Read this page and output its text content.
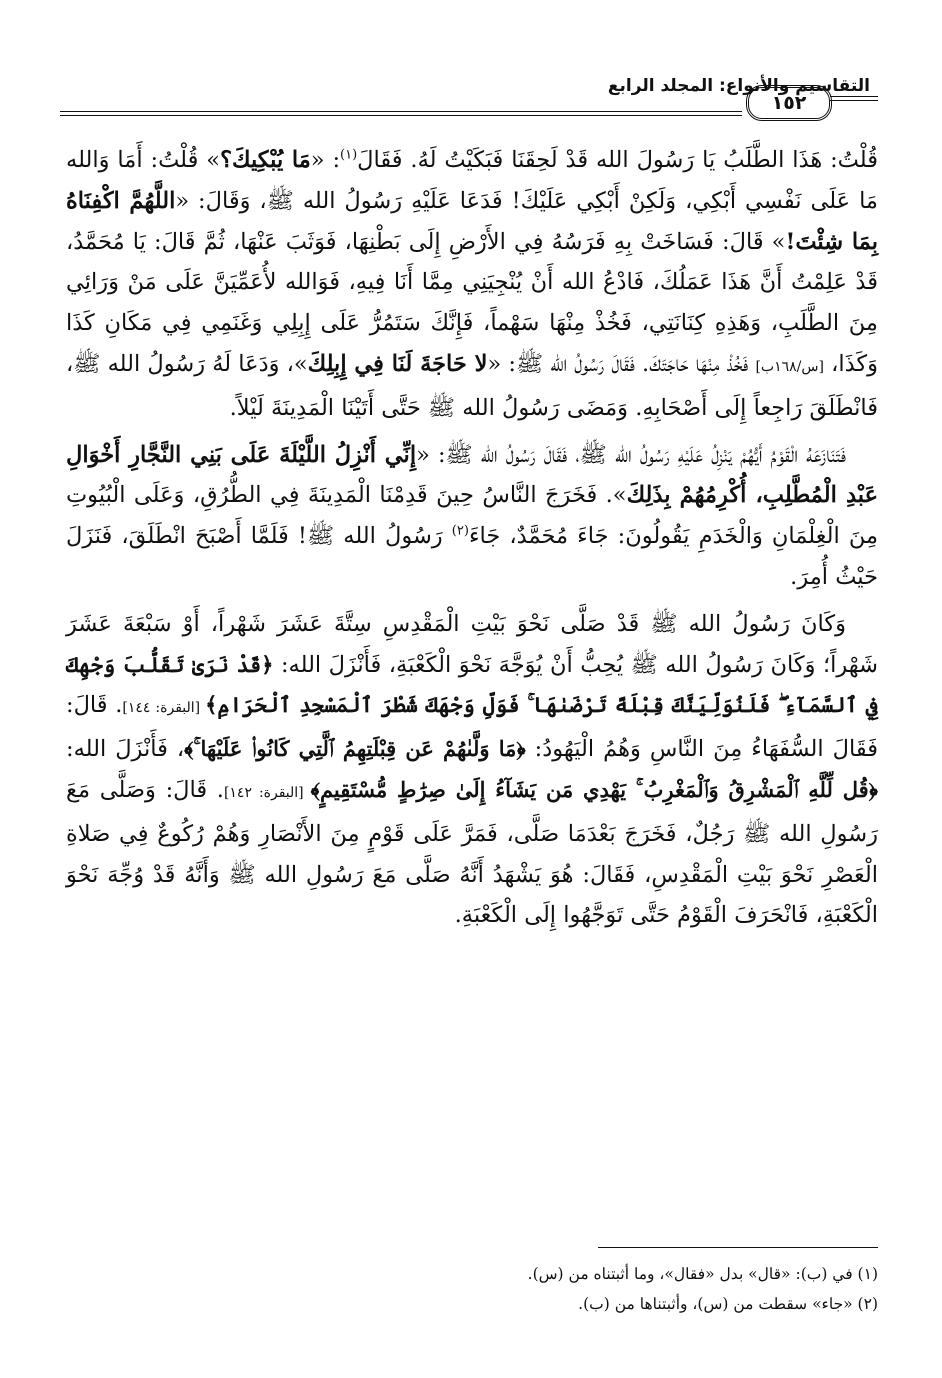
التقاسيم والأنواع: المجلد الرابع
١٥٢

قُلْتُ: هَذَا الطَّلَبُ يَا رَسُولَ الله قَدْ لَحِقَنَا فَبَكَيْتُ لَهُ. فَقَالَ$^{(١)}$: «مَا يُبْكِيكَ؟» قُلْتُ: أَمَا وَالله مَا عَلَى نَفْسِي أَبْكِي، وَلَكِنْ أَبْكِي عَلَيْكَ! فَدَعَا عَلَيْهِ رَسُولُ الله ﷺ، وَقَالَ: «اللَّهُمَّ اكْفِنَاهُ بِمَا شِئْتَ!» قَالَ: فَسَاخَتْ بِهِ فَرَسُهُ فِي الأَرْضِ إِلَى بَطْنِهَا، فَوَثَبَ عَنْهَا، ثُمَّ قَالَ: يَا مُحَمَّدُ، قَدْ عَلِمْتُ أَنَّ هَذَا عَمَلُكَ، فَادْعُ الله أَنْ يُنْجِيَنِي مِمَّا أَنَا فِيهِ، فَوَالله لأُعَمِّيَنَّ عَلَى مَنْ وَرَائِي مِنَ الطَّلَبِ، وَهَذِهِ كِنَانَتِي، فَخُذْ مِنْهَا سَهْماً، فَإِنَّكَ سَتَمُرُّ عَلَى إِبِلِي وَغَنَمِي فِي مَكَانِ كَذَا وَكَذَا، [س/١٦٨ب] فَخُذْ مِنْهَا حَاجَتَكَ. فَقَالَ رَسُولُ الله ﷺ: «لا حَاجَةَ لَنَا فِي إِبِلِكَ»، وَدَعَا لَهُ رَسُولُ الله ﷺ، فَانْطَلَقَ رَاجِعاً إِلَى أَصْحَابِهِ. وَمَضَى رَسُولُ الله ﷺ حَتَّى أَتَيْنَا الْمَدِينَةَ لَيْلاً.

فَتَنَازَعَهُ الْقَوْمُ أَيُّهُمْ يَنْزِلُ عَلَيْهِ رَسُولُ الله ﷺ، فَقَالَ رَسُولُ الله ﷺ: «إِنِّي أَنْزِلُ اللَّيْلَةَ عَلَى بَنِي النَّجَّارِ أَخْوَالِ عَبْدِ الْمُطَّلِبِ، أُكْرِمُهُمْ بِذَلِكَ». فَخَرَجَ النَّاسُ حِينَ قَدِمْنَا الْمَدِينَةَ فِي الطُّرُقِ، وَعَلَى الْبُيُوتِ مِنَ الْغِلْمَانِ وَالْخَدَمِ يَقُولُونَ: جَاءَ مُحَمَّدٌ، جَاءَ$^{(٢)}$ رَسُولُ الله ﷺ! فَلَمَّا أَصْبَحَ انْطَلَقَ، فَنَزَلَ حَيْثُ أُمِرَ.

وَكَانَ رَسُولُ الله ﷺ قَدْ صَلَّى نَحْوَ بَيْتِ الْمَقْدِسِ سِتَّةَ عَشَرَ شَهْراً، أَوْ سَبْعَةَ عَشَرَ شَهْراً؛ وَكَانَ رَسُولُ الله ﷺ يُحِبُّ أَنْ يُوَجَّهَ نَحْوَ الْكَعْبَةِ، فَأَنْزَلَ الله: ﴿قَدْ نَرَىٰ تَقَلُّبَ وَجْهِكَ فِي ٱلسَّمَآءِ ۖ فَلَنُوَلِّيَنَّكَ قِبْلَةً تَرْضَىٰهَا ۚ فَوَلِّ وَجْهَكَ شَطْرَ ٱلْمَسْجِدِ ٱلْحَرَامِ﴾ [البقرة: ١٤٤]. قَالَ: فَقَالَ السُّفَهَاءُ مِنَ النَّاسِ وَهُمُ الْيَهُودُ: ﴿مَا وَلَّىٰهُمْ عَن قِبْلَتِهِمُ ٱلَّتِي كَانُوا۟ عَلَيْهَا ۚ﴾، فَأَنْزَلَ الله: ﴿قُل لِّلَّهِ ٱلْمَشْرِقُ وَٱلْمَغْرِبُ ۚ يَهْدِي مَن يَشَآءُ إِلَىٰ صِرَٰطٍ مُّسْتَقِيمٍ﴾ [البقرة: ١٤٢]. قَالَ: وَصَلَّى مَعَ رَسُولِ الله ﷺ رَجُلٌ، فَخَرَجَ بَعْدَمَا صَلَّى، فَمَرَّ عَلَى قَوْمٍ مِنَ الأَنْصَارِ وَهُمْ رُكُوعٌ فِي صَلاةِ الْعَصْرِ نَحْوَ بَيْتِ الْمَقْدِسِ، فَقَالَ: هُوَ يَشْهَدُ أَنَّهُ صَلَّى مَعَ رَسُولِ الله ﷺ وَأَنَّهُ قَدْ وُجِّهَ نَحْوَ الْكَعْبَةِ، فَانْحَرَفَ الْقَوْمُ حَتَّى تَوَجَّهُوا إِلَى الْكَعْبَةِ.

(١) في (ب): «قال» بدل «فقال»، وما أثبتناه من (س).

(٢) «جاء» سقطت من (س)، وأثبتناها من (ب).
